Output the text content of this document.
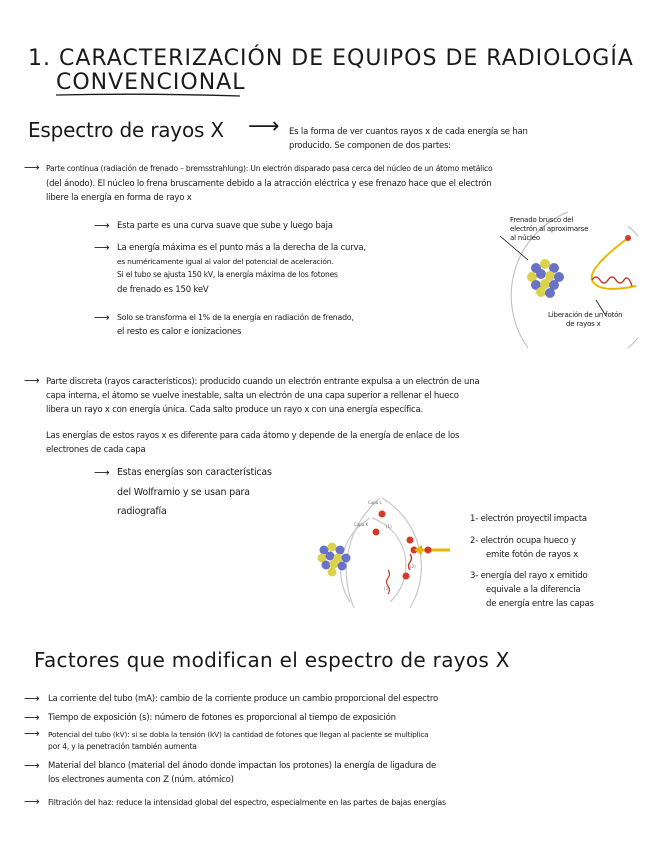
1. CARACTERIZACIÓN DE EQUIPOS DE RADIOLOGÍA
CONVENCIONAL
Espectro de rayos X ⟶ Es la forma de ver cuantos rayos x de cada energía se han
producido. Se componen de dos partes:
⟶ Parte continua (radiación de frenado – bremsstrahlung): Un electrón disparado pasa cerca del núcleo de un átomo metálico
(del ánodo). El núcleo lo frena bruscamente debido a la atracción eléctrica y ese frenazo hace que el electrón
libere la energía en forma de rayo x
⟶ Esta parte es una curva suave que sube y luego baja
⟶ La energía máxima es el punto más a la derecha de la curva,
es numéricamente igual al valor del potencial de aceleración.
Si el tubo se ajusta 150 kV, la energía máxima de los fotones
de frenado es 150 keV
⟶ Solo se transforma el 1% de la energía en radiación de frenado,
el resto es calor e ionizaciones
Frenado brusco del
electrón al aproximarse
al núcleo
Liberación de un fotón
de rayos x
⟶ Parte discreta (rayos característicos): producido cuando un electrón entrante expulsa a un electrón de una
capa interna, el átomo se vuelve inestable, salta un electrón de una capa superior a rellenar el hueco
libera un rayo x con energía única. Cada salto produce un rayo x con una energía específica.
Las energías de estos rayos x es diferente para cada átomo y depende de la energía de enlace de los
electrones de cada capa
⟶ Estas energías son características
del Wolframio y se usan para
radiografía
Capa L
Capa K	(1)
(2)
(3)
1- electrón proyectil impacta
2- electrón ocupa hueco y
emite fotón de rayos x
3- energía del rayo x emitido
equivale a la diferencia
de energía entre las capas
Factores que modifican el espectro de rayos X
⟶ La corriente del tubo (mA): cambio de la corriente produce un cambio proporcional del espectro
⟶ Tiempo de exposición (s): número de fotones es proporcional al tiempo de exposición
⟶ Potencial del tubo (kV): si se dobla la tensión (kV) la cantidad de fotones que llegan al paciente se multiplica
por 4, y la penetración también aumenta
⟶ Material del blanco (material del ánodo donde impactan los protones) la energía de ligadura de
los electrones aumenta con Z (núm. atómico)
⟶ Filtración del haz: reduce la intensidad global del espectro, especialmente en las partes de bajas energías
